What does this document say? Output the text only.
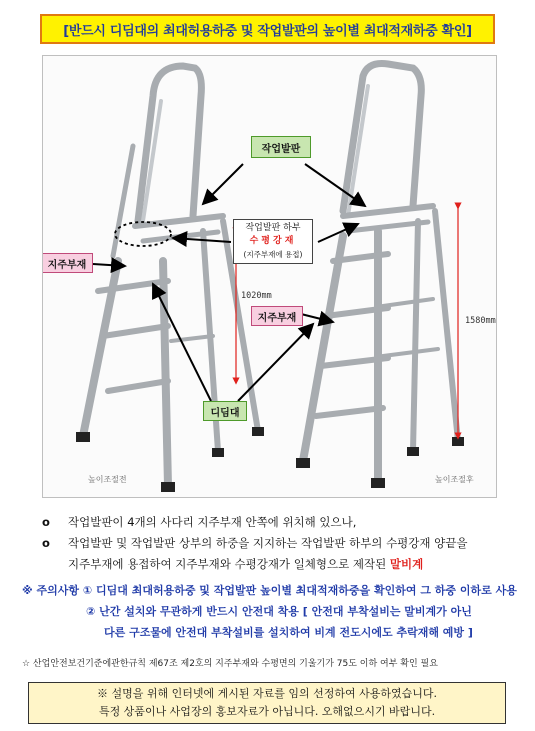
[반드시 디딤대의 최대허용하중 및 작업발판의 높이별 최대적재하중 확인]
작업발판
작업발판 하부
수평강재
(지주부재에 용접)
지주부재
지주부재
디딤대
1020mm
1580mm
높이조절전	높이조절후
o	작업발판이 4개의 사다리 지주부재 안쪽에 위치해 있으나,
o	작업발판 및 작업발판 상부의 하중을 지지하는 작업발판 하부의 수평강재 양끝을
지주부재에 용접하여 지주부재와 수평강재가 일체형으로 제작된 말비계
※ 주의사항 ① 디딤대 최대허용하중 및 작업발판 높이별 최대적재하중을 확인하여 그 하중 이하로 사용
② 난간 설치와 무관하게 반드시 안전대 착용 [ 안전대 부착설비는 말비계가 아닌
다른 구조물에 안전대 부착설비를 설치하여 비계 전도시에도 추락재해 예방 ]
☆ 산업안전보건기준에관한규칙 제67조 제2호의 지주부재와 수평면의 기울기가 75도 이하 여부 확인 필요
※ 설명을 위해 인터넷에 게시된 자료를 임의 선정하여 사용하였습니다.
특정 상품이나 사업장의 홍보자료가 아닙니다. 오해없으시기 바랍니다.
